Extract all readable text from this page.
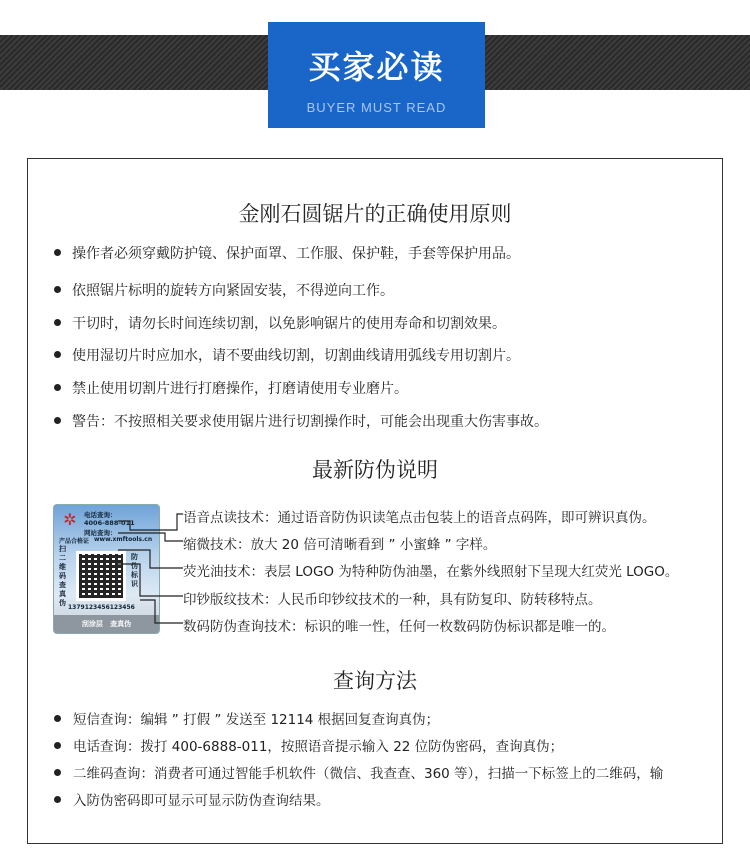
买家必读
BUYER MUST READ
金刚石圆锯片的正确使用原则
操作者必须穿戴防护镜、保护面罩、工作服、保护鞋，手套等保护用品。
依照锯片标明的旋转方向紧固安装，不得逆向工作。
干切时，请勿长时间连续切割，以免影响锯片的使用寿命和切割效果。
使用湿切片时应加水，请不要曲线切割，切割曲线请用弧线专用切割片。
禁止使用切割片进行打磨操作，打磨请使用专业磨片。
警告：不按照相关要求使用锯片进行切割操作时，可能会出现重大伤害事故。
最新防伪说明
✲	电话查询：
4006-888-011
网站查询：
产品合格证 www.xmftools.cn
扫二维码查真伪
防伪标识
1379123456123456
刮涂层 查真伪
语音点读技术：通过语音防伪识读笔点击包装上的语音点码阵，即可辨识真伪。
缩微技术：放大 20 倍可清晰看到 ” 小蜜蜂 ” 字样。
荧光油技术：表层 LOGO 为特种防伪油墨，在紫外线照射下呈现大红荧光 LOGO。
印钞版纹技术：人民币印钞纹技术的一种，具有防复印、防转移特点。
数码防伪查询技术：标识的唯一性，任何一枚数码防伪标识都是唯一的。
查询方法
短信查询：编辑 ” 打假 ” 发送至 12114 根据回复查询真伪；
电话查询：拨打 400-6888-011，按照语音提示输入 22 位防伪密码，查询真伪；
二维码查询：消费者可通过智能手机软件（微信、我查查、360 等），扫描一下标签上的二维码，输
入防伪密码即可显示可显示防伪查询结果。
